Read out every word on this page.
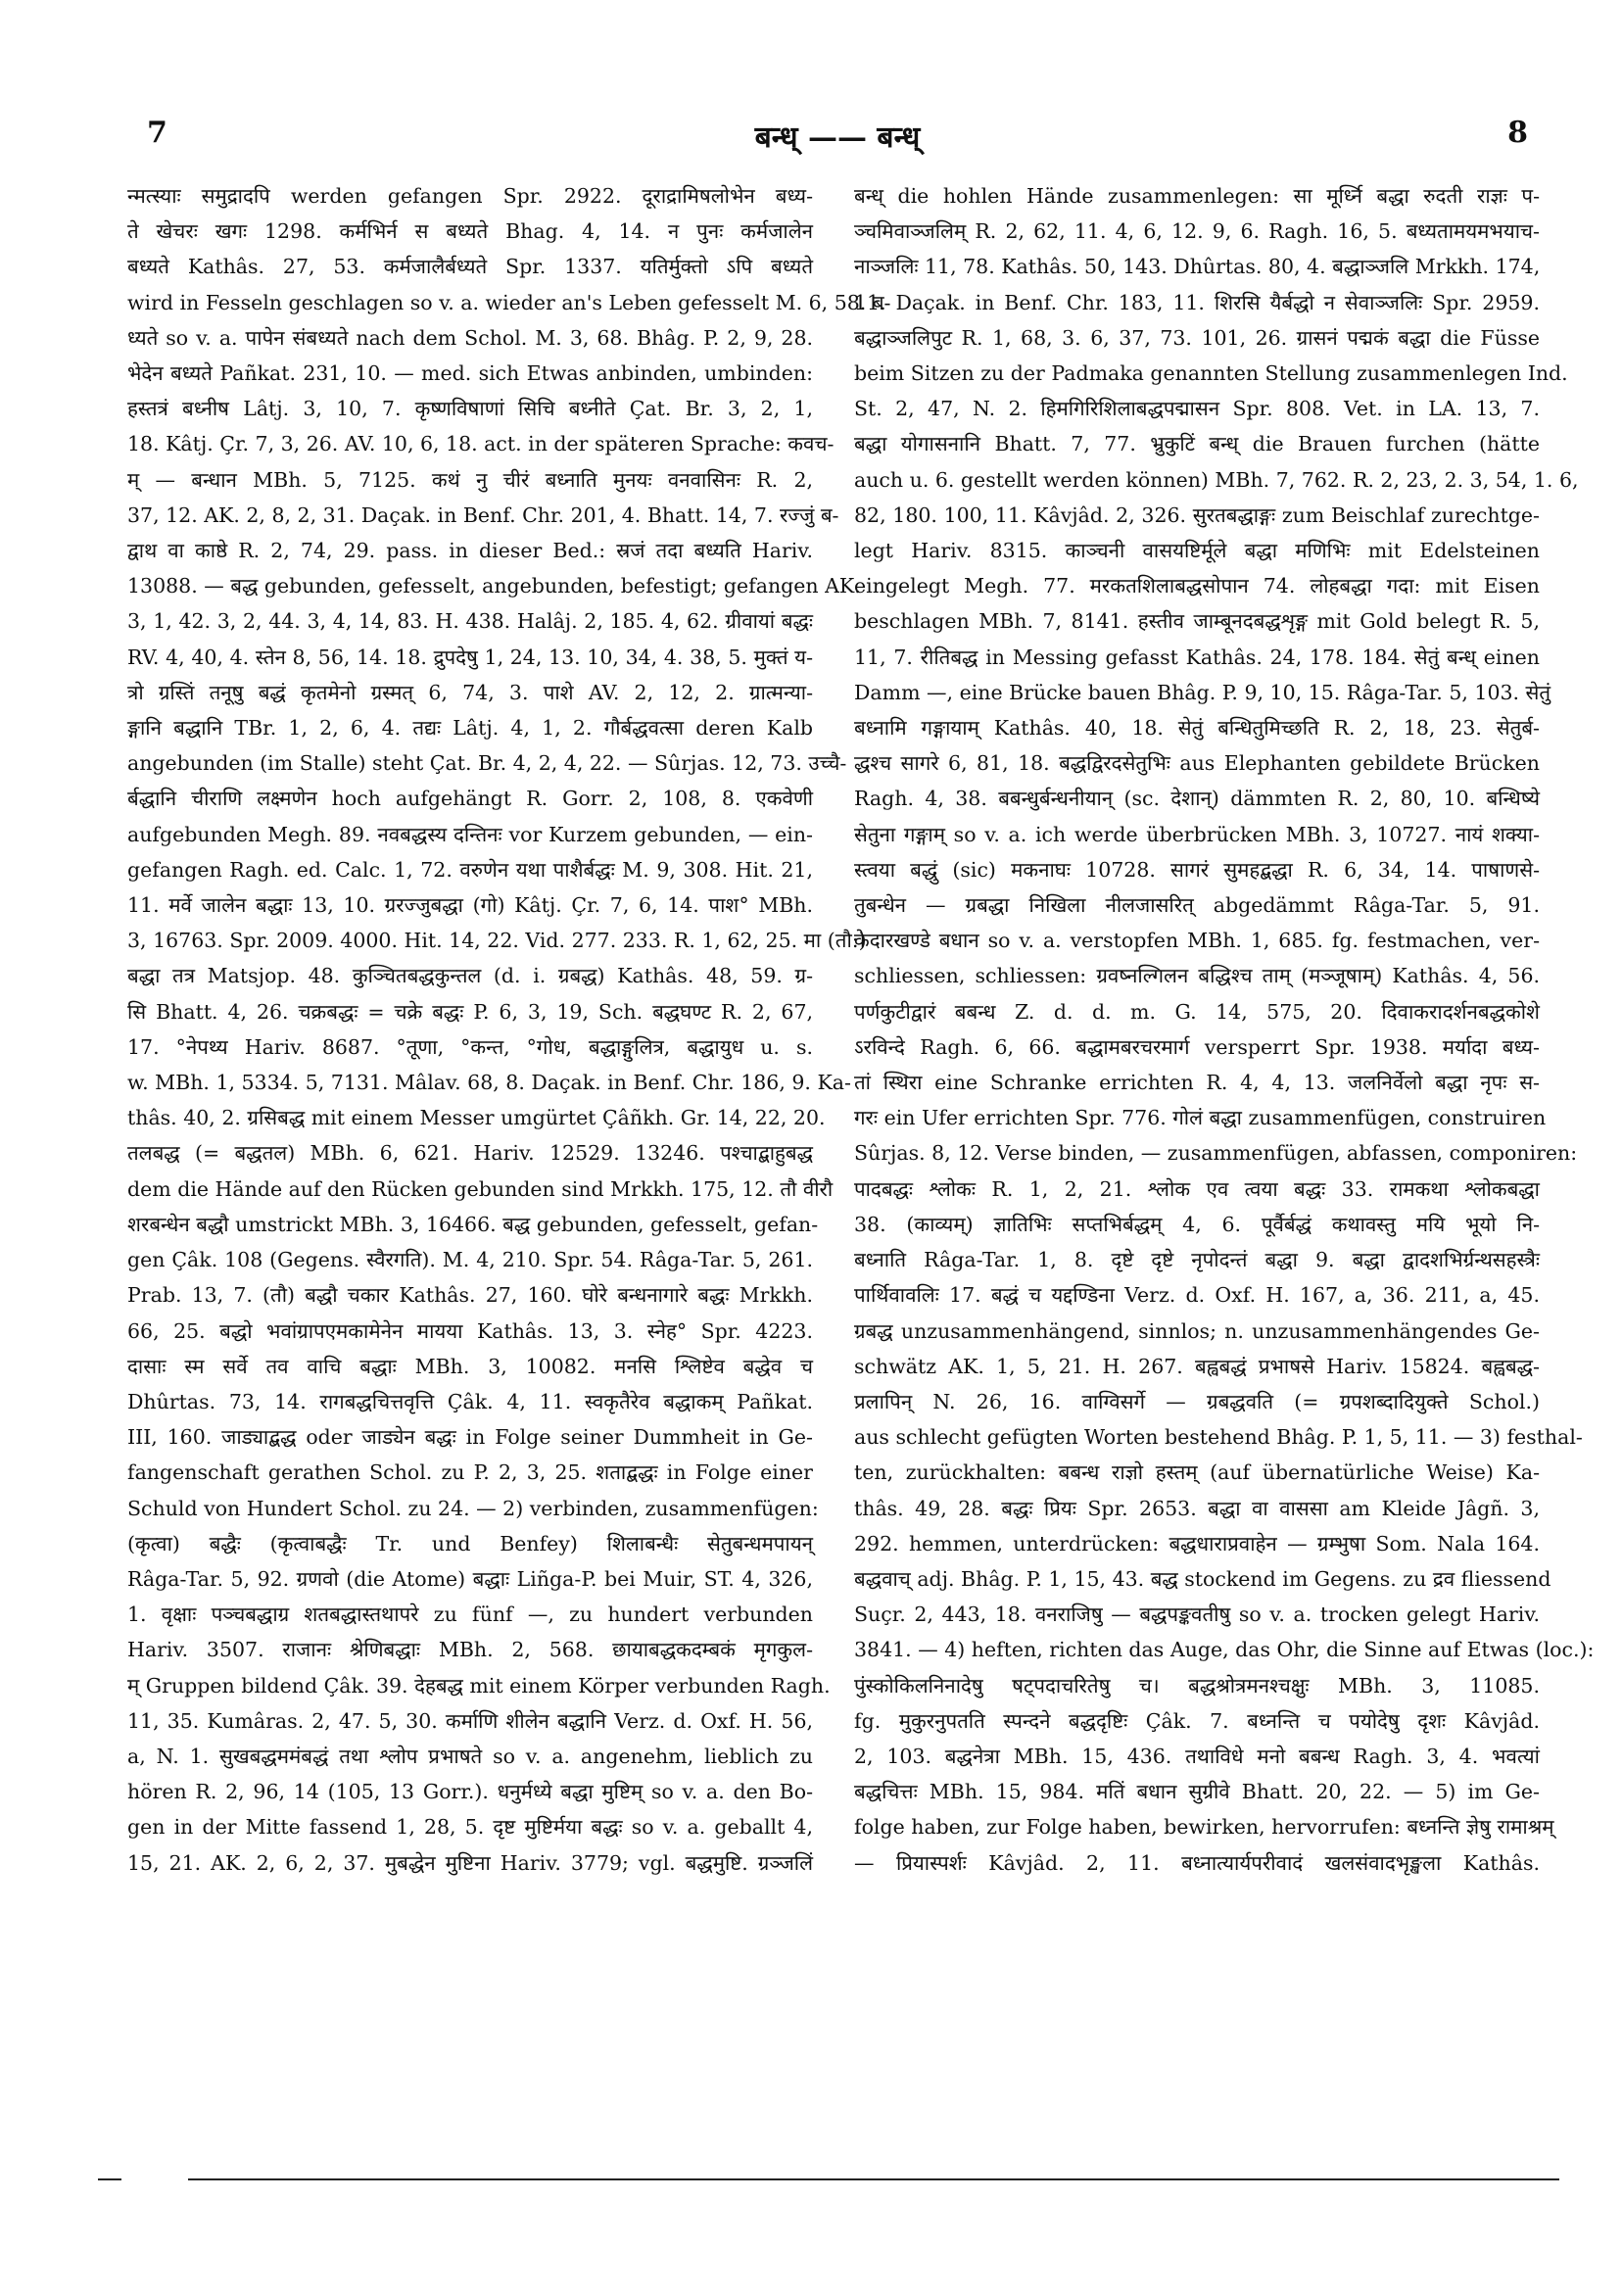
7	बन्ध् —— बन्ध्	8
न्मत्स्याः समुद्रादपि werden gefangen Spr. 2922. दूराद्रामिषलोभेन बध्य-
ते खेचरः खगः 1298. कर्मभिर्न स बध्यते Bhag. 4, 14. न पुनः कर्मजालेन
बध्यते Kathâs. 27, 53. कर्मजालैर्बध्यते Spr. 1337. यतिर्मुक्तो ऽपि बध्यते
wird in Fesseln geschlagen so v. a. wieder an's Leben gefesselt M. 6, 58. ब-
ध्यते so v. a. पापेन संबध्यते nach dem Schol. M. 3, 68. Bhâg. P. 2, 9, 28.
भेदेन बध्यते Pañkat. 231, 10. — med. sich Etwas anbinden, umbinden:
हस्तत्रं बध्नीष Lâtj. 3, 10, 7. कृष्णविषाणां सिचि बध्नीते Çat. Br. 3, 2, 1,
18. Kâtj. Çr. 7, 3, 26. AV. 10, 6, 18. act. in der späteren Sprache: कवच-
म् — बन्धान MBh. 5, 7125. कथं नु चीरं बध्नाति मुनयः वनवासिनः R. 2,
37, 12. AK. 2, 8, 2, 31. Daçak. in Benf. Chr. 201, 4. Bhatt. 14, 7. रज्जुं ब-
द्वाथ वा काष्ठे R. 2, 74, 29. pass. in dieser Bed.: स्रजं तदा बध्यति Hariv.
13088. — बद्ध gebunden, gefesselt, angebunden, befestigt; gefangen AK.
3, 1, 42. 3, 2, 44. 3, 4, 14, 83. H. 438. Halâj. 2, 185. 4, 62. ग्रीवायां बद्धः
RV. 4, 40, 4. स्तेन 8, 56, 14. 18. द्रुपदेषु 1, 24, 13. 10, 34, 4. 38, 5. मुक्तं य-
त्रो ग्रस्तिं तनूषु बद्धं कृतमेनो ग्रस्मत् 6, 74, 3. पाशे AV. 2, 12, 2. ग्रात्मन्या-
ङ्गानि बद्धानि TBr. 1, 2, 6, 4. तद्यः Lâtj. 4, 1, 2. गौर्बद्धवत्सा deren Kalb
angebunden (im Stalle) steht Çat. Br. 4, 2, 4, 22. — Sûrjas. 12, 73. उच्चै-
र्बद्धानि चीराणि लक्ष्मणेन hoch aufgehängt R. Gorr. 2, 108, 8. एकवेणी
aufgebunden Megh. 89. नवबद्धस्य दन्तिनः vor Kurzem gebunden, — ein-
gefangen Ragh. ed. Calc. 1, 72. वरुणेन यथा पाशैर्बद्धः M. 9, 308. Hit. 21,
11. मर्वे जालेन बद्धाः 13, 10. ग्ररज्जुबद्धा (गो) Kâtj. Çr. 7, 6, 14. पाश° MBh.
3, 16763. Spr. 2009. 4000. Hit. 14, 22. Vid. 277. 233. R. 1, 62, 25. मा (तौ:)
बद्धा तत्र Matsjop. 48. कुञ्चितबद्धकुन्तल (d. i. ग्रबद्ध) Kathâs. 48, 59. ग्र-
सि Bhatt. 4, 26. चक्रबद्धः = चक्रे बद्धः P. 6, 3, 19, Sch. बद्धघण्ट R. 2, 67,
17. °नेपथ्य Hariv. 8687. °तूणा, °कन्त, °गोध, बद्धाङ्गुलित्र, बद्धायुध u. s.
w. MBh. 1, 5334. 5, 7131. Mâlav. 68, 8. Daçak. in Benf. Chr. 186, 9. Ka-
thâs. 40, 2. ग्रसिबद्ध mit einem Messer umgürtet Çâñkh. Gr. 14, 22, 20.
तलबद्ध (= बद्धतल) MBh. 6, 621. Hariv. 12529. 13246. पश्चाद्बाहुबद्ध
dem die Hände auf den Rücken gebunden sind Mrkkh. 175, 12. तौ वीरौ
शरबन्धेन बद्धौ umstrickt MBh. 3, 16466. बद्ध gebunden, gefesselt, gefan-
gen Çâk. 108 (Gegens. स्वैरगति). M. 4, 210. Spr. 54. Râga-Tar. 5, 261.
Prab. 13, 7. (तौ) बद्धौ चकार Kathâs. 27, 160. घोरे बन्धनागारे बद्धः Mrkkh.
66, 25. बद्धो भवांग्रापएमकामेनेन मायया Kathâs. 13, 3. स्नेह° Spr. 4223.
दासाः स्म सर्वे तव वाचि बद्धाः MBh. 3, 10082. मनसि श्लिष्टेव बद्धेव च
Dhûrtas. 73, 14. रागबद्धचित्तवृत्ति Çâk. 4, 11. स्वकृतैरेव बद्धाकम् Pañkat.
III, 160. जाड्याद्बद्ध oder जाड्येन बद्धः in Folge seiner Dummheit in Ge-
fangenschaft gerathen Schol. zu P. 2, 3, 25. शताद्बद्धः in Folge einer
Schuld von Hundert Schol. zu 24. — 2) verbinden, zusammenfügen:
(कृत्वा) बद्धैः (कृत्वाबद्धैः Tr. und Benfey) शिलाबन्धैः सेतुबन्धमपायन्
Râga-Tar. 5, 92. ग्रणवो (die Atome) बद्धाः Liñga-P. bei Muir, ST. 4, 326,
1. वृक्षाः पञ्चबद्धाग्र शतबद्धास्तथापरे zu fünf —, zu hundert verbunden
Hariv. 3507. राजानः श्रेणिबद्धाः MBh. 2, 568. छायाबद्धकदम्बकं मृगकुल-
म् Gruppen bildend Çâk. 39. देहबद्ध mit einem Körper verbunden Ragh.
11, 35. Kumâras. 2, 47. 5, 30. कर्माणि शीलेन बद्धानि Verz. d. Oxf. H. 56,
a, N. 1. सुखबद्धममंबद्धं तथा श्लोप प्रभाषते so v. a. angenehm, lieblich zu
hören R. 2, 96, 14 (105, 13 Gorr.). धनुर्मध्ये बद्धा मुष्टिम् so v. a. den Bo-
gen in der Mitte fassend 1, 28, 5. दृष्ट मुष्टिर्मया बद्धः so v. a. geballt 4,
15, 21. AK. 2, 6, 2, 37. मुबद्धेन मुष्टिना Hariv. 3779; vgl. बद्धमुष्टि. ग्रञ्जलिं
बन्ध् die hohlen Hände zusammenlegen: सा मूर्ध्नि बद्धा रुदती राज्ञः प-
ञ्चमिवाञ्जलिम् R. 2, 62, 11. 4, 6, 12. 9, 6. Ragh. 16, 5. बध्यतामयमभयाच-
नाञ्जलिः 11, 78. Kathâs. 50, 143. Dhûrtas. 80, 4. बद्धाञ्जलि Mrkkh. 174,
11. Daçak. in Benf. Chr. 183, 11. शिरसि यैर्बद्धो न सेवाञ्जलिः Spr. 2959.
बद्धाञ्जलिपुट R. 1, 68, 3. 6, 37, 73. 101, 26. ग्रासनं पद्मकं बद्धा die Füsse
beim Sitzen zu der Padmaka genannten Stellung zusammenlegen Ind.
St. 2, 47, N. 2. हिमगिरिशिलाबद्धपद्मासन Spr. 808. Vet. in LA. 13, 7.
बद्धा योगासनानि Bhatt. 7, 77. भ्रुकुटिं बन्ध् die Brauen furchen (hätte
auch u. 6. gestellt werden können) MBh. 7, 762. R. 2, 23, 2. 3, 54, 1. 6,
82, 180. 100, 11. Kâvjâd. 2, 326. सुरतबद्धाङ्गः zum Beischlaf zurechtge-
legt Hariv. 8315. काञ्चनी वासयष्टिर्मूले बद्धा मणिभिः mit Edelsteinen
eingelegt Megh. 77. मरकतशिलाबद्धसोपान 74. लोहबद्धा गदा: mit Eisen
beschlagen MBh. 7, 8141. हस्तीव जाम्बूनदबद्धशृङ्ग mit Gold belegt R. 5,
11, 7. रीतिबद्ध in Messing gefasst Kathâs. 24, 178. 184. सेतुं बन्ध् einen
Damm —, eine Brücke bauen Bhâg. P. 9, 10, 15. Râga-Tar. 5, 103. सेतुं
बध्नामि गङ्गायाम् Kathâs. 40, 18. सेतुं बन्धितुमिच्छति R. 2, 18, 23. सेतुर्ब-
द्धश्च सागरे 6, 81, 18. बद्धद्विरदसेतुभिः aus Elephanten gebildete Brücken
Ragh. 4, 38. बबन्धुर्बन्धनीयान् (sc. देशान्) dämmten R. 2, 80, 10. बन्धिष्ये
सेतुना गङ्गाम् so v. a. ich werde überbrücken MBh. 3, 10727. नायं शक्या-
स्त्वया बद्धुं (sic) मकनाघः 10728. सागरं सुमहद्बद्धा R. 6, 34, 14. पाषाणसे-
तुबन्धेन — ग्रबद्धा निखिला नीलजासरित् abgedämmt Râga-Tar. 5, 91.
केदारखण्डे बधान so v. a. verstopfen MBh. 1, 685. fg. festmachen, ver-
schliessen, schliessen: ग्रवष्नल्गिलन बद्धिश्च ताम् (मञ्जूषाम्) Kathâs. 4, 56.
पर्णकुटीद्वारं बबन्ध Z. d. d. m. G. 14, 575, 20. दिवाकरादर्शनबद्धकोशे
ऽरविन्दे Ragh. 6, 66. बद्धामबरचरमार्ग versperrt Spr. 1938. मर्यादा बध्य-
तां स्थिरा eine Schranke errichten R. 4, 4, 13. जलनिर्वेलो बद्धा नृपः स-
गरः ein Ufer errichten Spr. 776. गोलं बद्धा zusammenfügen, construiren
Sûrjas. 8, 12. Verse binden, — zusammenfügen, abfassen, componiren:
पादबद्धः श्लोकः R. 1, 2, 21. श्लोक एव त्वया बद्धः 33. रामकथा श्लोकबद्धा
38. (काव्यम्) ज्ञातिभिः सप्तभिर्बद्धम् 4, 6. पूर्वैर्बद्धं कथावस्तु मयि भूयो नि-
बध्नाति Râga-Tar. 1, 8. दृष्टे दृष्टे नृपोदन्तं बद्धा 9. बद्धा द्वादशभिर्ग्रन्थसहस्त्रैः
पार्थिवावलिः 17. बद्धं च यद्दण्डिना Verz. d. Oxf. H. 167, a, 36. 211, a, 45.
ग्रबद्ध unzusammenhängend, sinnlos; n. unzusammenhängendes Ge-
schwätz AK. 1, 5, 21. H. 267. बह्वबद्धं प्रभाषसे Hariv. 15824. बह्वबद्ध-
प्रलापिन् N. 26, 16. वाग्विसर्गे — ग्रबद्धवति (= ग्रपशब्दादियुक्ते Schol.)
aus schlecht gefügten Worten bestehend Bhâg. P. 1, 5, 11. — 3) festhal-
ten, zurückhalten: बबन्ध राज्ञो हस्तम् (auf übernatürliche Weise) Ka-
thâs. 49, 28. बद्धः प्रियः Spr. 2653. बद्धा वा वाससा am Kleide Jâgñ. 3,
292. hemmen, unterdrücken: बद्धधाराप्रवाहेन — ग्रम्भुषा Som. Nala 164.
बद्धवाच् adj. Bhâg. P. 1, 15, 43. बद्ध stockend im Gegens. zu द्रव fliessend
Suçr. 2, 443, 18. वनराजिषु — बद्धपङ्कवतीषु so v. a. trocken gelegt Hariv.
3841. — 4) heften, richten das Auge, das Ohr, die Sinne auf Etwas (loc.):
पुंस्कोकिलनिनादेषु षट्पदाचरितेषु च। बद्धश्रोत्रमनश्चक्षुः MBh. 3, 11085.
fg. मुकुरनुपतति स्पन्दने बद्धदृष्टिः Çâk. 7. बध्नन्ति च पयोदेषु दृशः Kâvjâd.
2, 103. बद्धनेत्रा MBh. 15, 436. तथाविधे मनो बबन्ध Ragh. 3, 4. भवत्यां
बद्धचित्तः MBh. 15, 984. मतिं बधान सुग्रीवे Bhatt. 20, 22. — 5) im Ge-
folge haben, zur Folge haben, bewirken, hervorrufen: बध्नन्ति ज्ञेषु रामाश्रम्
— प्रियास्पर्शः Kâvjâd. 2, 11. बध्नात्यार्यपरीवादं खलसंवादभृङ्खला Kathâs.
